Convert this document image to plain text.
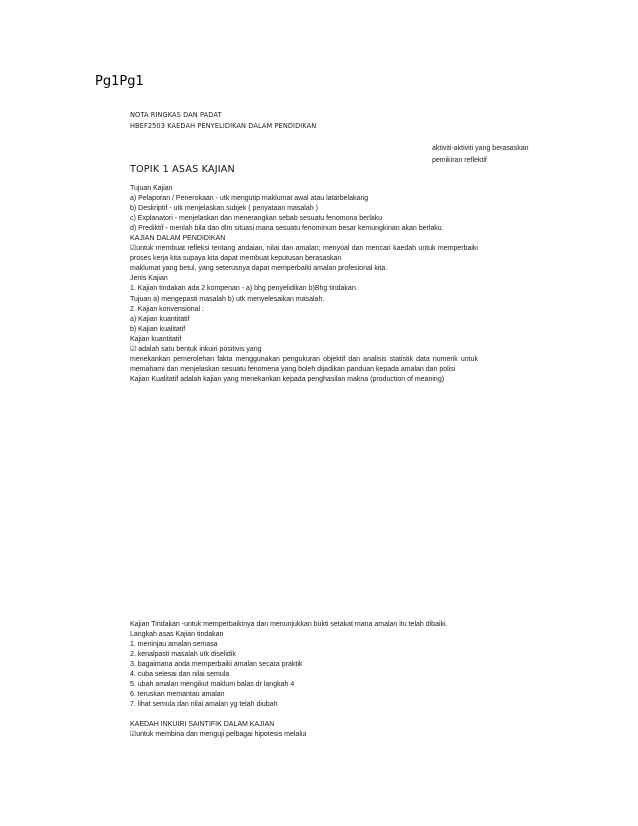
Pg1Pg1
NOTA RINGKAS DAN PADAT
HBEF2503 KAEDAH PENYELIDIKAN DALAM PENDIDIKAN
aktiviti-aktiviti yang berasaskan
pemikiran reflektif
TOPIK 1 ASAS KAJIAN

Tujuan Kajian

a) Pelaporan / Penerokaan - utk mengutip maklumat awal atau latarbelakang

b) Deskriptif - utk menjelaskan subjek ( penyataan masalah )

c) Explanatori - menjelaskan dan menerangkan sebab sesuatu fenomona berlaku

d) Prediktif - menlah bila dan dlm situasi mana sesuatu fenominum besar kemungkinan akan berlaku.

KAJIAN DALAM PENDIDIKAN

☑untuk membuat refleksi tentang andaian, nilai dan amalan; menyoal dan mencari kaedah untuk memperbaiki proses kerja kita supaya kita dapat membuat keputusan berasaskan

maklumat yang betul, yang seterusnya dapat memperbaiki amalan profesional kita.

Jenis Kajian

1. Kajian tindakan ada 2 kompenan - a) bhg penyelidikan b)Bhg tindakan.

Tujuan a) mengepasti masalah b) utk menyelesaikan masalah.

2. Kajian konvensional :

a) Kajian kuantitatif

b) Kajian kualitatif

Kajian kuantitatif

☑ adalah satu bentuk inkuiri positivis yang

menekankan pemerolehan fakta menggunakan pengukuran objektif dan analisis statistik data numerik untuk memahami dan menjelaskan sesuatu fenomena yang boleh dijadikan panduan kepada amalan dan polisi

Kajian Kualitatif adalah kajian yang menekankan kepada penghasilan makna (production of meaning)

Kajian Tindakan -untuk memperbaikinya dan menunjukkan bukti setakat mana amalan itu telah dibaiki.

Langkah asas Kajian tindakan

1. meninjau amalan semasa

2. kenalpasti masalah utk diselidik

3. bagaimana anda memperbaiki amalan secara praktik

4. cuba selesai dan nilai semula

5. ubah amalan mengikut maklum balas dr langkah 4

6. teruskan memantau amalan

7. lihat semula dan nilai amalan yg telah diubah

KAEDAH INKUIRI SAINTIFIK DALAM KAJIAN

☑untuk membina dan menguji pelbagai hipotesis melalui
